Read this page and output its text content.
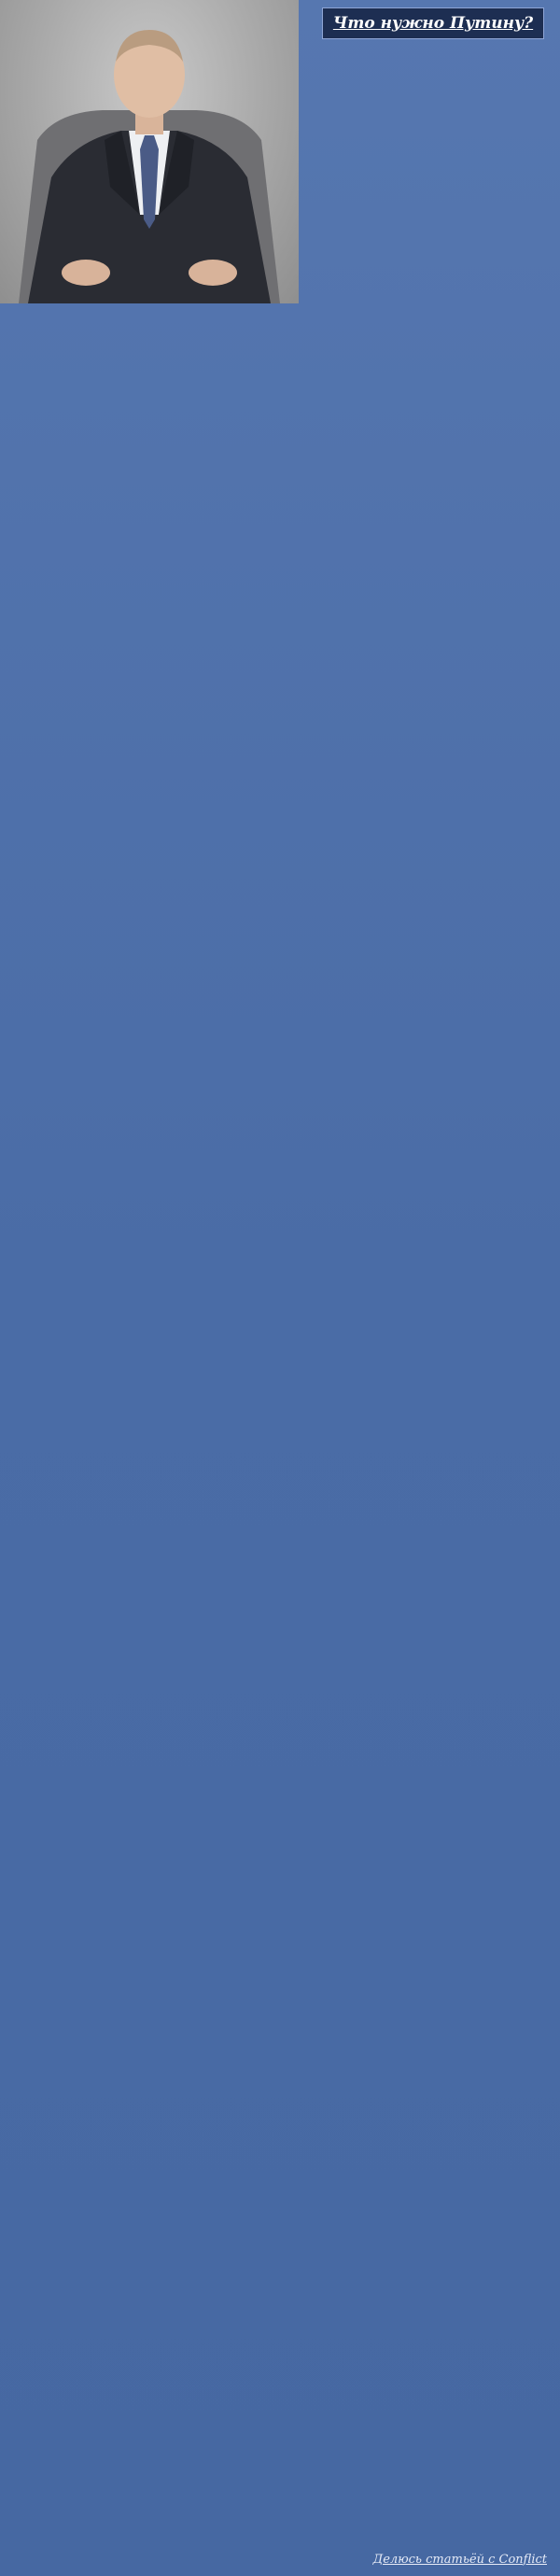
Что нужно Путину?

Делюсь статьёй с Conflict
